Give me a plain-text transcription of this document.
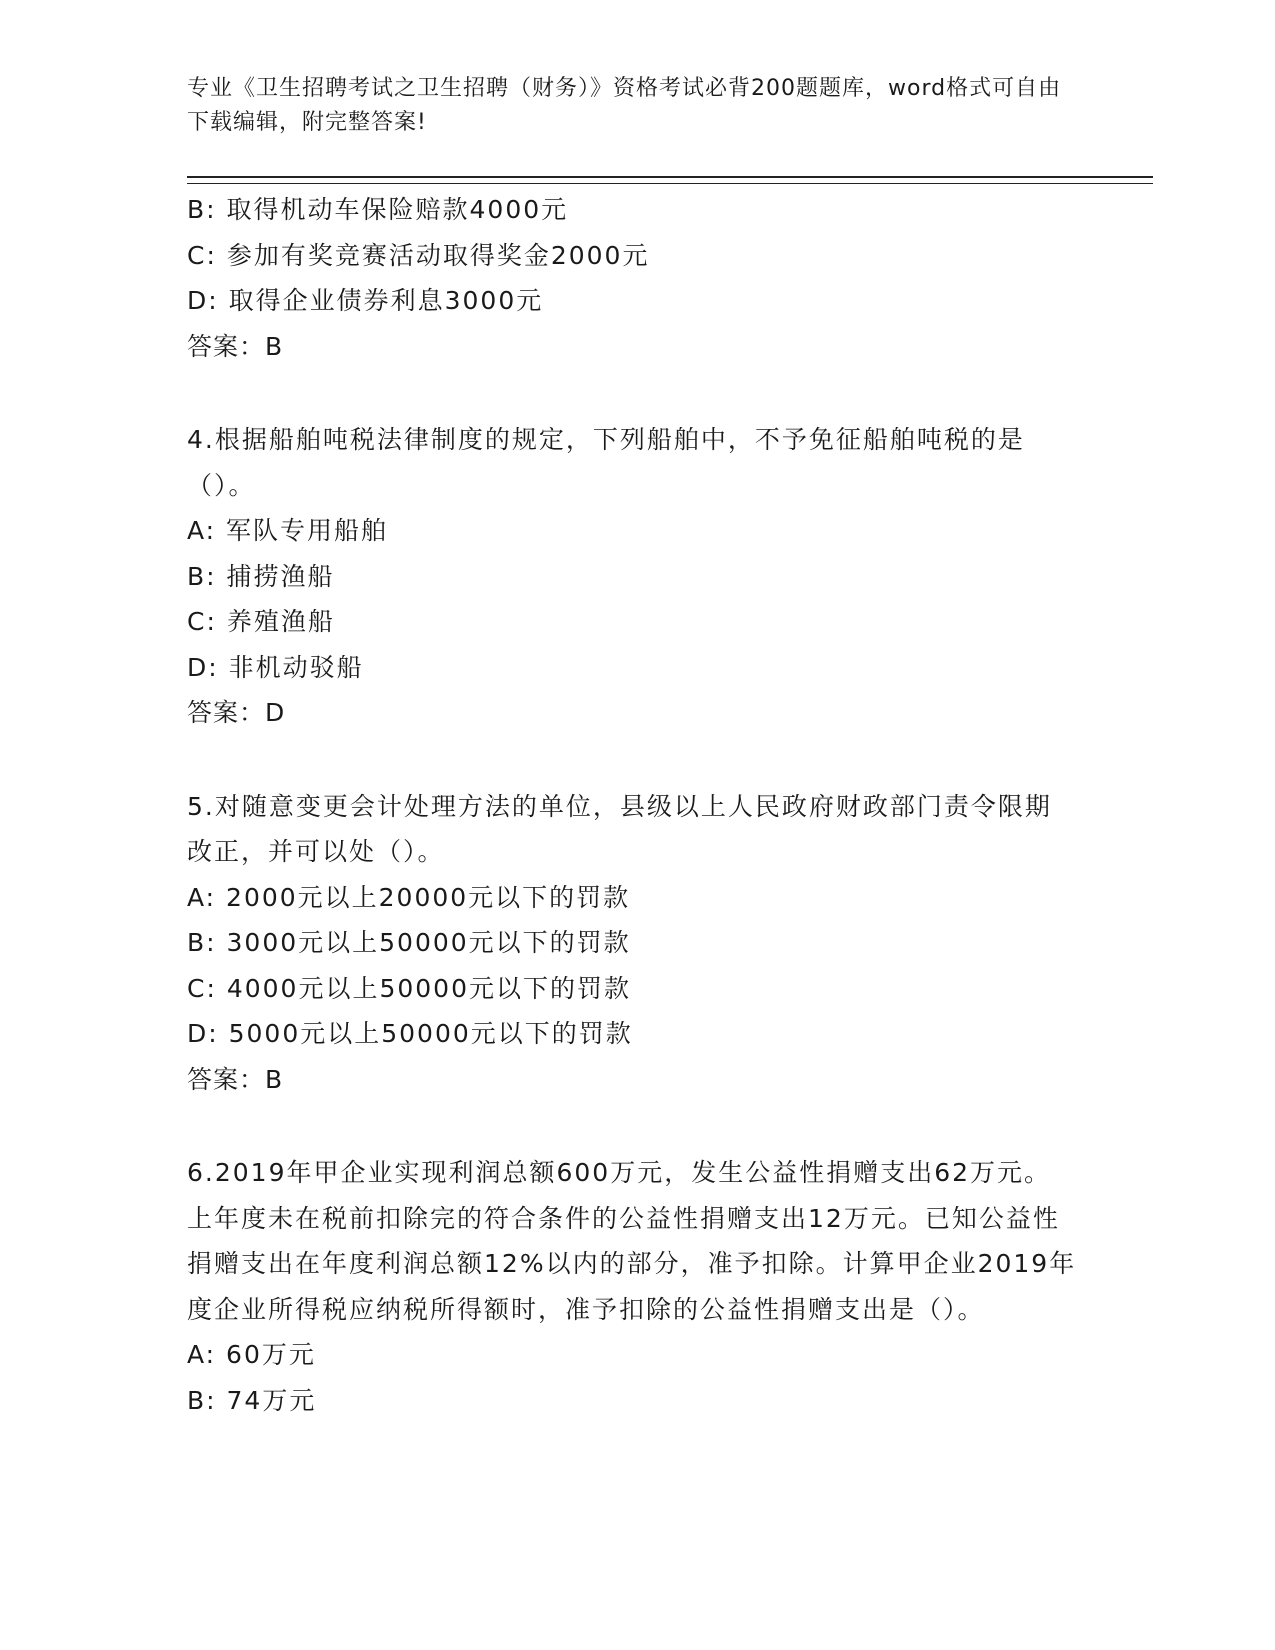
专业《卫生招聘考试之卫生招聘（财务）》资格考试必背200题题库，word格式可自由下载编辑，附完整答案!
B: 取得机动车保险赔款4000元
C: 参加有奖竞赛活动取得奖金2000元
D: 取得企业债券利息3000元
答案：B
4.根据船舶吨税法律制度的规定，下列船舶中，不予免征船舶吨税的是（）。
A: 军队专用船舶
B: 捕捞渔船
C: 养殖渔船
D: 非机动驳船
答案：D
5.对随意变更会计处理方法的单位，县级以上人民政府财政部门责令限期改正，并可以处（）。
A: 2000元以上20000元以下的罚款
B: 3000元以上50000元以下的罚款
C: 4000元以上50000元以下的罚款
D: 5000元以上50000元以下的罚款
答案：B
6.2019年甲企业实现利润总额600万元，发生公益性捐赠支出62万元。上年度未在税前扣除完的符合条件的公益性捐赠支出12万元。已知公益性捐赠支出在年度利润总额12%以内的部分，准予扣除。计算甲企业2019年度企业所得税应纳税所得额时，准予扣除的公益性捐赠支出是（）。
A: 60万元
B: 74万元
